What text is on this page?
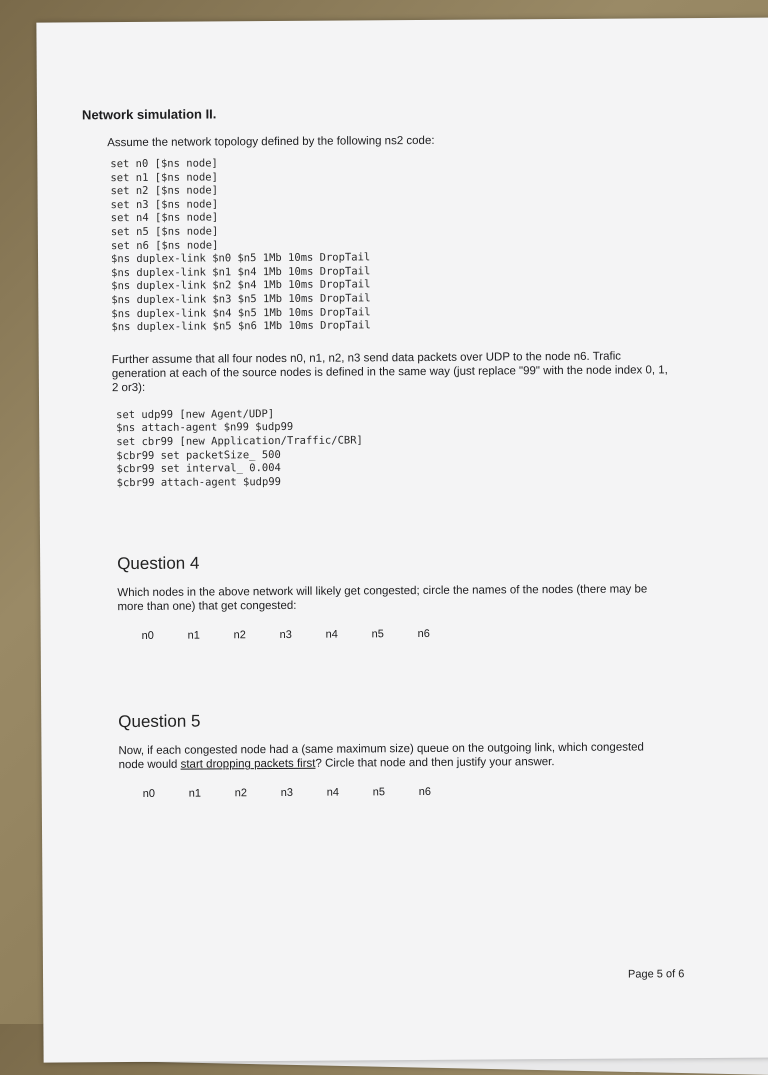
Network simulation II.

Assume the network topology defined by the following ns2 code:

set n0 [$ns node]

set n1 [$ns node]

set n2 [$ns node]

set n3 [$ns node]

set n4 [$ns node]

set n5 [$ns node]

set n6 [$ns node]

$ns duplex-link $n0 $n5 1Mb 10ms DropTail

$ns duplex-link $n1 $n4 1Mb 10ms DropTail

$ns duplex-link $n2 $n4 1Mb 10ms DropTail

$ns duplex-link $n3 $n5 1Mb 10ms DropTail

$ns duplex-link $n4 $n5 1Mb 10ms DropTail

$ns duplex-link $n5 $n6 1Mb 10ms DropTail

Further assume that all four nodes n0, n1, n2, n3 send data packets over UDP to the node n6. Trafic generation at each of the source nodes is defined in the same way (just replace "99" with the node index 0, 1, 2 or3):

set udp99 [new Agent/UDP]

$ns attach-agent $n99 $udp99

set cbr99 [new Application/Traffic/CBR]

$cbr99 set packetSize_ 500

$cbr99 set interval_ 0.004

$cbr99 attach-agent $udp99

Question 4

Which nodes in the above network will likely get congested; circle the names of the nodes (there may be more than one) that get congested:

n0	n1	n2	n3	n4	n5	n6

Question 5

Now, if each congested node had a (same maximum size) queue on the outgoing link, which congested node would start dropping packets first? Circle that node and then justify your answer.

n0	n1	n2	n3	n4	n5	n6
Page 5 of 6
